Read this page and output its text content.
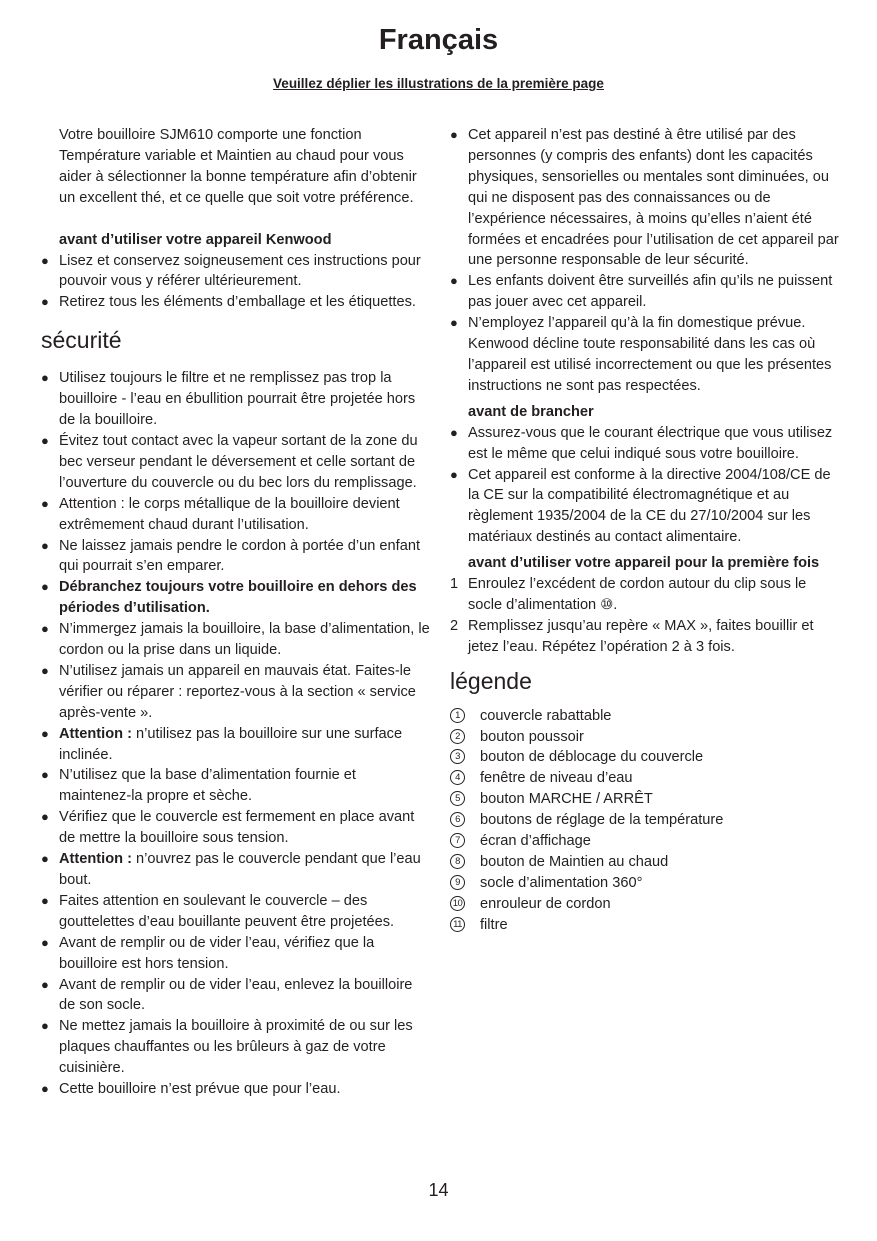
Français

Veuillez déplier les illustrations de la première page

Votre bouilloire SJM610 comporte une fonction Température variable et Maintien au chaud pour vous aider à sélectionner la bonne température afin d’obtenir un excellent thé, et ce quelle que soit votre préférence.

avant d’utiliser votre appareil Kenwood

● Lisez et conservez soigneusement ces instructions pour pouvoir vous y référer ultérieurement.
● Retirez tous les éléments d’emballage et les étiquettes.
sécurité
● Utilisez toujours le filtre et ne remplissez pas trop la bouilloire - l’eau en ébullition pourrait être projetée hors de la bouilloire.
● Évitez tout contact avec la vapeur sortant de la zone du bec verseur pendant le déversement et celle sortant de l’ouverture du couvercle ou du bec lors du remplissage.
● Attention : le corps métallique de la bouilloire devient extrêmement chaud durant l’utilisation.
● Ne laissez jamais pendre le cordon à portée d’un enfant qui pourrait s’en emparer.
● Débranchez toujours votre bouilloire en dehors des périodes d’utilisation.
● N’immergez jamais la bouilloire, la base d’alimentation, le cordon ou la prise dans un liquide.
● N’utilisez jamais un appareil en mauvais état. Faites-le vérifier ou réparer : reportez-vous à la section « service après-vente ».
● Attention : n’utilisez pas la bouilloire sur une surface inclinée.
● N’utilisez que la base d’alimentation fournie et maintenez-la propre et sèche.
● Vérifiez que le couvercle est fermement en place avant de mettre la bouilloire sous tension.
● Attention : n’ouvrez pas le couvercle pendant que l’eau bout.
● Faites attention en soulevant le couvercle – des gouttelettes d’eau bouillante peuvent être projetées.
● Avant de remplir ou de vider l’eau, vérifiez que la bouilloire est hors tension.
● Avant de remplir ou de vider l’eau, enlevez la bouilloire de son socle.
● Ne mettez jamais la bouilloire à proximité de ou sur les plaques chauffantes ou les brûleurs à gaz de votre cuisinière.
● Cette bouilloire n’est prévue que pour l’eau.
● Cet appareil n’est pas destiné à être utilisé par des personnes (y compris des enfants) dont les capacités physiques, sensorielles ou mentales sont diminuées, ou qui ne disposent pas des connaissances ou de l’expérience nécessaires, à moins qu’elles n’aient été formées et encadrées pour l’utilisation de cet appareil par une personne responsable de leur sécurité.
● Les enfants doivent être surveillés afin qu’ils ne puissent pas jouer avec cet appareil.
● N’employez l’appareil qu’à la fin domestique prévue. Kenwood décline toute responsabilité dans les cas où l’appareil est utilisé incorrectement ou que les présentes instructions ne sont pas respectées.

avant de brancher

● Assurez-vous que le courant électrique que vous utilisez est le même que celui indiqué sous votre bouilloire.
● Cet appareil est conforme à la directive 2004/108/CE de la CE sur la compatibilité électromagnétique et au règlement 1935/2004 de la CE du 27/10/2004 sur les matériaux destinés au contact alimentaire.

avant d’utiliser votre appareil pour la première fois

1 Enroulez l’excédent de cordon autour du clip sous le socle d’alimentation ⑩.
2 Remplissez jusqu’au repère « MAX », faites bouillir et jetez l’eau. Répétez l’opération 2 à 3 fois.
légende
1	couvercle rabattable
2	bouton poussoir
3	bouton de déblocage du couvercle
4	fenêtre de niveau d’eau
5	bouton MARCHE / ARRÊT
6	boutons de réglage de la température
7	écran d’affichage
8	bouton de Maintien au chaud
9	socle d’alimentation 360°
10 enrouleur de cordon
11 filtre
14
